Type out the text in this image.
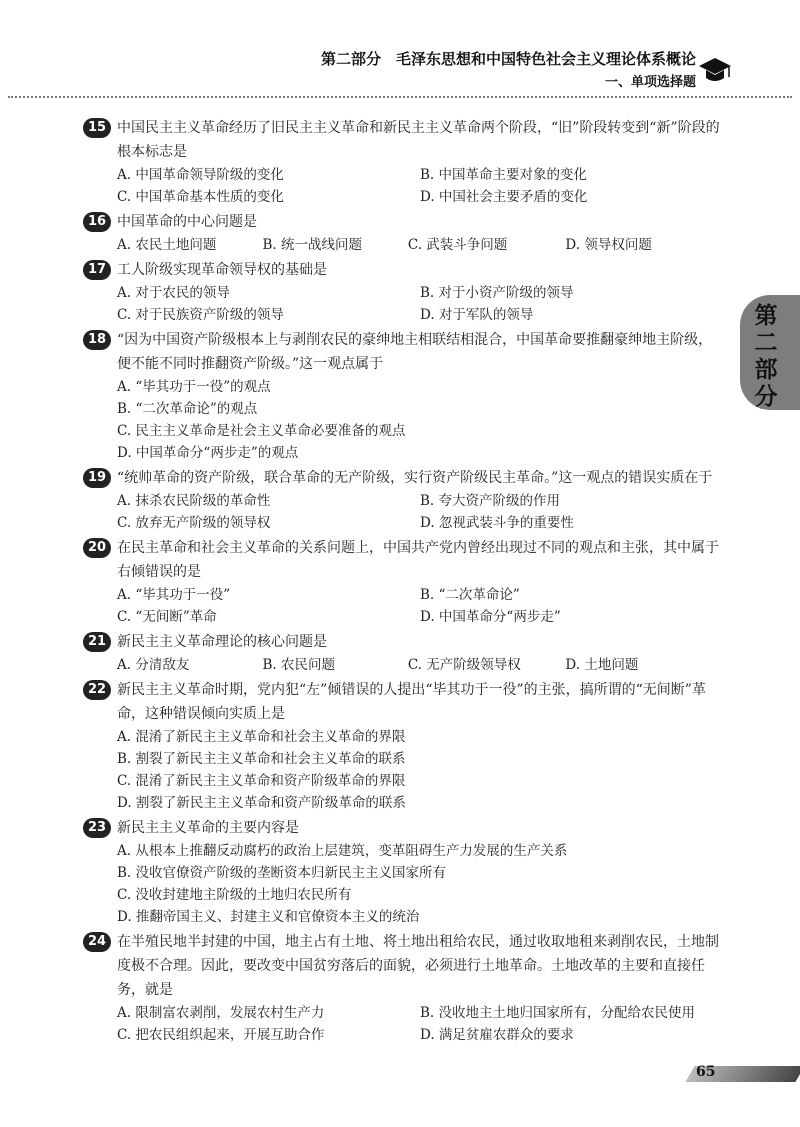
第二部分　毛泽东思想和中国特色社会主义理论体系概论
一、单项选择题
第二部分
15 中国民主主义革命经历了旧民主主义革命和新民主主义革命两个阶段，“旧”阶段转变到“新”阶段的根本标志是
A. 中国革命领导阶级的变化	B. 中国革命主要对象的变化
C. 中国革命基本性质的变化	D. 中国社会主要矛盾的变化
16 中国革命的中心问题是
A. 农民土地问题	B. 统一战线问题	C. 武装斗争问题	D. 领导权问题
17 工人阶级实现革命领导权的基础是
A. 对于农民的领导	B. 对于小资产阶级的领导
C. 对于民族资产阶级的领导	D. 对于军队的领导
18 “因为中国资产阶级根本上与剥削农民的豪绅地主相联结相混合，中国革命要推翻豪绅地主阶级，便不能不同时推翻资产阶级。”这一观点属于
A. “毕其功于一役”的观点
B. “二次革命论”的观点
C. 民主主义革命是社会主义革命必要准备的观点
D. 中国革命分“两步走”的观点
19 “统帅革命的资产阶级，联合革命的无产阶级，实行资产阶级民主革命。”这一观点的错误实质在于
A. 抹杀农民阶级的革命性	B. 夸大资产阶级的作用
C. 放弃无产阶级的领导权	D. 忽视武装斗争的重要性
20 在民主革命和社会主义革命的关系问题上，中国共产党内曾经出现过不同的观点和主张，其中属于右倾错误的是
A. “毕其功于一役”	B. “二次革命论”
C. “无间断”革命	D. 中国革命分“两步走”
21 新民主主义革命理论的核心问题是
A. 分清敌友	B. 农民问题	C. 无产阶级领导权	D. 土地问题
22 新民主主义革命时期，党内犯“左”倾错误的人提出“毕其功于一役”的主张，搞所谓的“无间断”革命，这种错误倾向实质上是
A. 混淆了新民主主义革命和社会主义革命的界限
B. 割裂了新民主主义革命和社会主义革命的联系
C. 混淆了新民主主义革命和资产阶级革命的界限
D. 割裂了新民主主义革命和资产阶级革命的联系
23 新民主主义革命的主要内容是
A. 从根本上推翻反动腐朽的政治上层建筑，变革阻碍生产力发展的生产关系
B. 没收官僚资产阶级的垄断资本归新民主主义国家所有
C. 没收封建地主阶级的土地归农民所有
D. 推翻帝国主义、封建主义和官僚资本主义的统治
24 在半殖民地半封建的中国，地主占有土地、将土地出租给农民，通过收取地租来剥削农民，土地制度极不合理。因此，要改变中国贫穷落后的面貌，必须进行土地革命。土地改革的主要和直接任务，就是
A. 限制富农剥削，发展农村生产力	B. 没收地主土地归国家所有，分配给农民使用
C. 把农民组织起来，开展互助合作	D. 满足贫雇农群众的要求
65
